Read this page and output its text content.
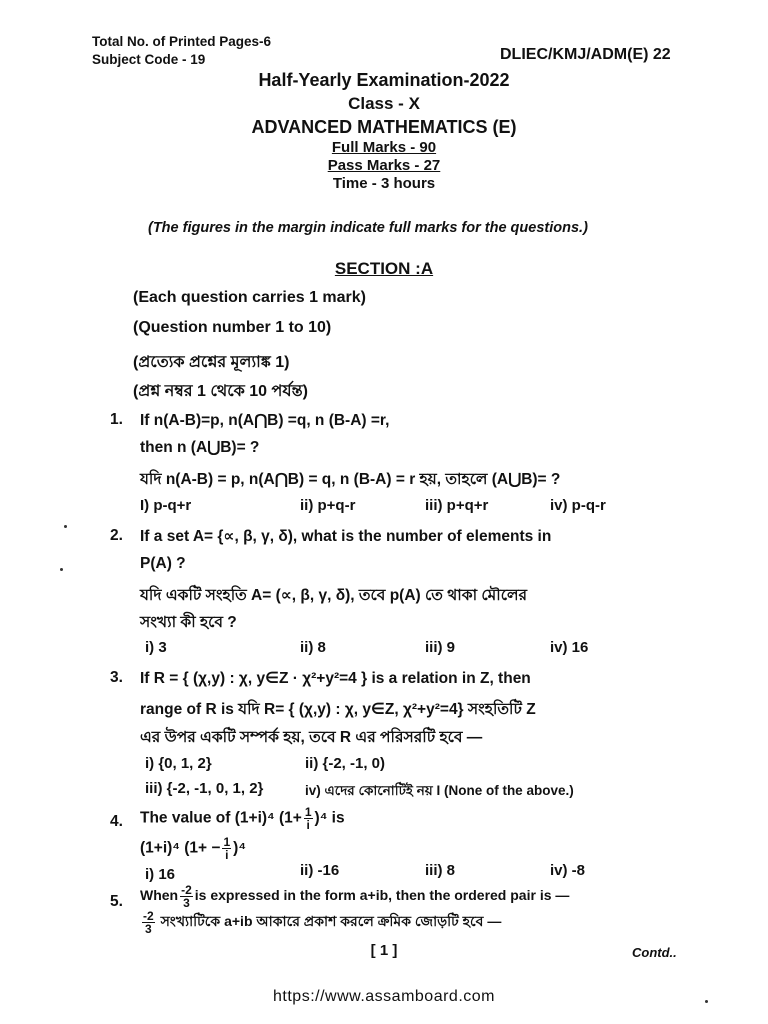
Total No. of Printed Pages-6
Subject Code - 19	DLIEC/KMJ/ADM(E) 22
Half-Yearly Examination-2022
Class - X
ADVANCED MATHEMATICS (E)
Full Marks - 90
Pass Marks - 27
Time - 3 hours
(The figures in the margin indicate full marks for the questions.)
SECTION :A
(Each question carries 1 mark)
(Question number 1 to 10)
(প্রত্যেক প্রশ্নের মূল্যাঙ্ক 1)
(প্রশ্ন নম্বর 1 থেকে 10 পর্যন্ত)
1. If n(A-B)=p, n(A⋂B) =q, n (B-A) =r,
then n (A⋃B)= ?
যদি n(A-B) = p, n(A⋂B) = q, n (B-A) = r হয়, তাহলে (A⋃B)= ?
I) p-q+r	ii) p+q-r	iii) p+q+r	iv) p-q-r
2. If a set A= {∝, β, γ, δ), what is the number of elements in
P(A) ?
যদি একটি সংহতি A= (∝, β, γ, δ), তবে p(A) তে থাকা মৌলের
সংখ্যা কী হবে ?
i) 3	ii) 8	iii) 9	iv) 16
3. If R = { (χ,y) : χ, y∈Z · χ²+y²=4 } is a relation in Z, then
range of R is যদি R= { (χ,y) : χ, y∈Z, χ²+y²=4} সংহতিটি Z
এর উপর একটি সম্পর্ক হয়, তবে R এর পরিসরটি হবে —
i) {0, 1, 2}	ii) {-2, -1, 0)
iii) {-2, -1, 0, 1, 2}	iv) এদের কোনোটিই নয় I (None of the above.)
4. The value of (1+i)⁴ $(1+ \frac{1}{i} )^4$ is
(1+i)⁴ $(1+ - \frac{1}{i} )^4$
i) 16	ii) -16	iii) 8	iv) -8
5. When $\frac{-2}{3}$ is expressed in the form a+ib, then the ordered pair is —
$\frac{-2}{3}$ সংখ্যাটিকে a+ib আকারে প্রকাশ করলে ক্রমিক জোড়টি হবে —
[ 1 ]	Contd..
https://www.assamboard.com
